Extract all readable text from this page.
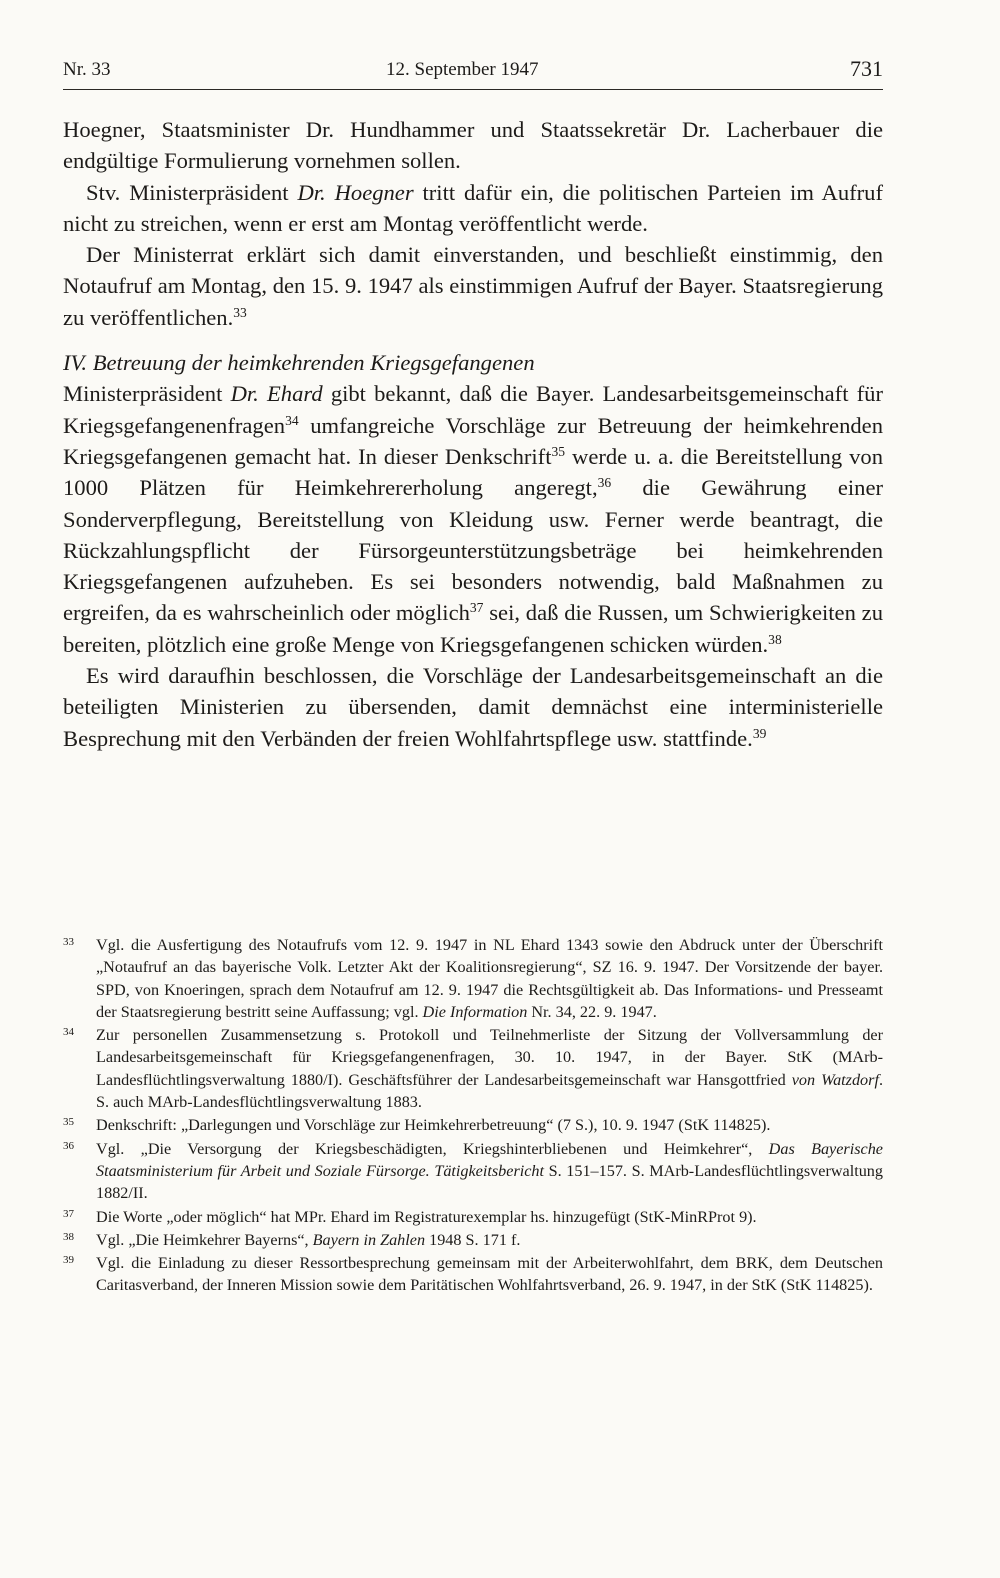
Nr. 33	12. September 1947	731

Hoegner, Staatsminister Dr. Hundhammer und Staatssekretär Dr. Lacherbauer die endgültige Formulierung vornehmen sollen.

Stv. Ministerpräsident Dr. Hoegner tritt dafür ein, die politischen Parteien im Aufruf nicht zu streichen, wenn er erst am Montag veröffentlicht werde.

Der Ministerrat erklärt sich damit einverstanden, und beschließt einstimmig, den Notaufruf am Montag, den 15. 9. 1947 als einstimmigen Aufruf der Bayer. Staatsregierung zu veröffentlichen.$^{33}$

IV. Betreuung der heimkehrenden Kriegsgefangenen

Ministerpräsident Dr. Ehard gibt bekannt, daß die Bayer. Landesarbeitsgemeinschaft für Kriegsgefangenenfragen$^{34}$ umfangreiche Vorschläge zur Betreuung der heimkehrenden Kriegsgefangenen gemacht hat. In dieser Denkschrift$^{35}$ werde u. a. die Bereitstellung von 1000 Plätzen für Heimkehrererholung angeregt,$^{36}$ die Gewährung einer Sonderverpflegung, Bereitstellung von Kleidung usw. Ferner werde beantragt, die Rückzahlungspflicht der Fürsorgeunterstützungsbeträge bei heimkehrenden Kriegsgefangenen aufzuheben. Es sei besonders notwendig, bald Maßnahmen zu ergreifen, da es wahrscheinlich oder möglich$^{37}$ sei, daß die Russen, um Schwierigkeiten zu bereiten, plötzlich eine große Menge von Kriegsgefangenen schicken würden.$^{38}$

Es wird daraufhin beschlossen, die Vorschläge der Landesarbeitsgemeinschaft an die beteiligten Ministerien zu übersenden, damit demnächst eine interministerielle Besprechung mit den Verbänden der freien Wohlfahrtspflege usw. stattfinde.$^{39}$

33 Vgl. die Ausfertigung des Notaufrufs vom 12. 9. 1947 in NL Ehard 1343 sowie den Abdruck unter der Überschrift „Notaufruf an das bayerische Volk. Letzter Akt der Koalitionsregierung“, SZ 16. 9. 1947. Der Vorsitzende der bayer. SPD, von Knoeringen, sprach dem Notaufruf am 12. 9. 1947 die Rechtsgültigkeit ab. Das Informations- und Presseamt der Staatsregierung bestritt seine Auffassung; vgl. Die Information Nr. 34, 22. 9. 1947.

34 Zur personellen Zusammensetzung s. Protokoll und Teilnehmerliste der Sitzung der Vollversammlung der Landesarbeitsgemeinschaft für Kriegsgefangenenfragen, 30. 10. 1947, in der Bayer. StK (MArb-Landesflüchtlingsverwaltung 1880/I). Geschäftsführer der Landesarbeitsgemeinschaft war Hansgottfried von Watzdorf. S. auch MArb-Landesflüchtlingsverwaltung 1883.

35 Denkschrift: „Darlegungen und Vorschläge zur Heimkehrerbetreuung“ (7 S.), 10. 9. 1947 (StK 114825).

36 Vgl. „Die Versorgung der Kriegsbeschädigten, Kriegshinterbliebenen und Heimkehrer“, Das Bayerische Staatsministerium für Arbeit und Soziale Fürsorge. Tätigkeitsbericht S. 151–157. S. MArb-Landesflüchtlingsverwaltung 1882/II.

37 Die Worte „oder möglich“ hat MPr. Ehard im Registraturexemplar hs. hinzugefügt (StK-MinRProt 9).

38 Vgl. „Die Heimkehrer Bayerns“, Bayern in Zahlen 1948 S. 171 f.

39 Vgl. die Einladung zu dieser Ressortbesprechung gemeinsam mit der Arbeiterwohlfahrt, dem BRK, dem Deutschen Caritasverband, der Inneren Mission sowie dem Paritätischen Wohlfahrtsverband, 26. 9. 1947, in der StK (StK 114825).
